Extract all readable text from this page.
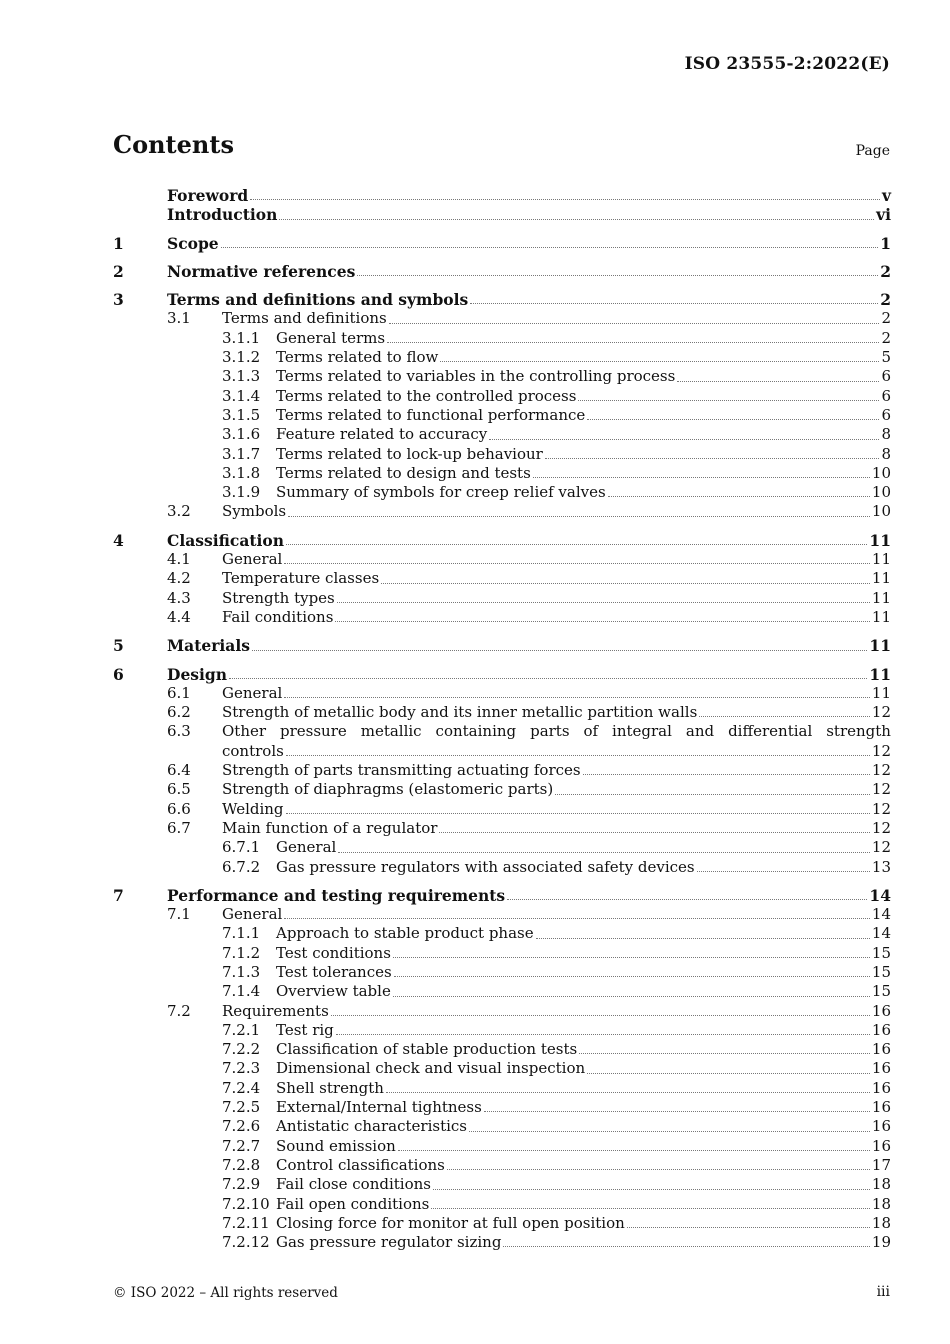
ISO 23555-2:2022(E)
Contents	Page
Foreword	v
Introduction	vi
1	Scope	1
2	Normative references	2
3	Terms and definitions and symbols	2
3.1	Terms and definitions	2
3.1.1	General terms	2
3.1.2	Terms related to flow	5
3.1.3	Terms related to variables in the controlling process	6
3.1.4	Terms related to the controlled process	6
3.1.5	Terms related to functional performance	6
3.1.6	Feature related to accuracy	8
3.1.7	Terms related to lock-up behaviour	8
3.1.8	Terms related to design and tests	10
3.1.9	Summary of symbols for creep relief valves	10
3.2	Symbols	10
4	Classification	11
4.1	General	11
4.2	Temperature classes	11
4.3	Strength types	11
4.4	Fail conditions	11
5	Materials	11
6	Design	11
6.1	General	11
6.2	Strength of metallic body and its inner metallic partition walls	12
6.3	Other pressure metallic containing parts of integral and differential strength
controls	12
6.4	Strength of parts transmitting actuating forces	12
6.5	Strength of diaphragms (elastomeric parts)	12
6.6	Welding	12
6.7	Main function of a regulator	12
6.7.1	General	12
6.7.2	Gas pressure regulators with associated safety devices	13
7	Performance and testing requirements	14
7.1	General	14
7.1.1	Approach to stable product phase	14
7.1.2	Test conditions	15
7.1.3	Test tolerances	15
7.1.4	Overview table	15
7.2	Requirements	16
7.2.1	Test rig	16
7.2.2	Classification of stable production tests	16
7.2.3	Dimensional check and visual inspection	16
7.2.4	Shell strength	16
7.2.5	External/Internal tightness	16
7.2.6	Antistatic characteristics	16
7.2.7	Sound emission	16
7.2.8	Control classifications	17
7.2.9	Fail close conditions	18
7.2.10 Fail open conditions	18
7.2.11 Closing force for monitor at full open position	18
7.2.12 Gas pressure regulator sizing	19
© ISO 2022 – All rights reserved	iii
